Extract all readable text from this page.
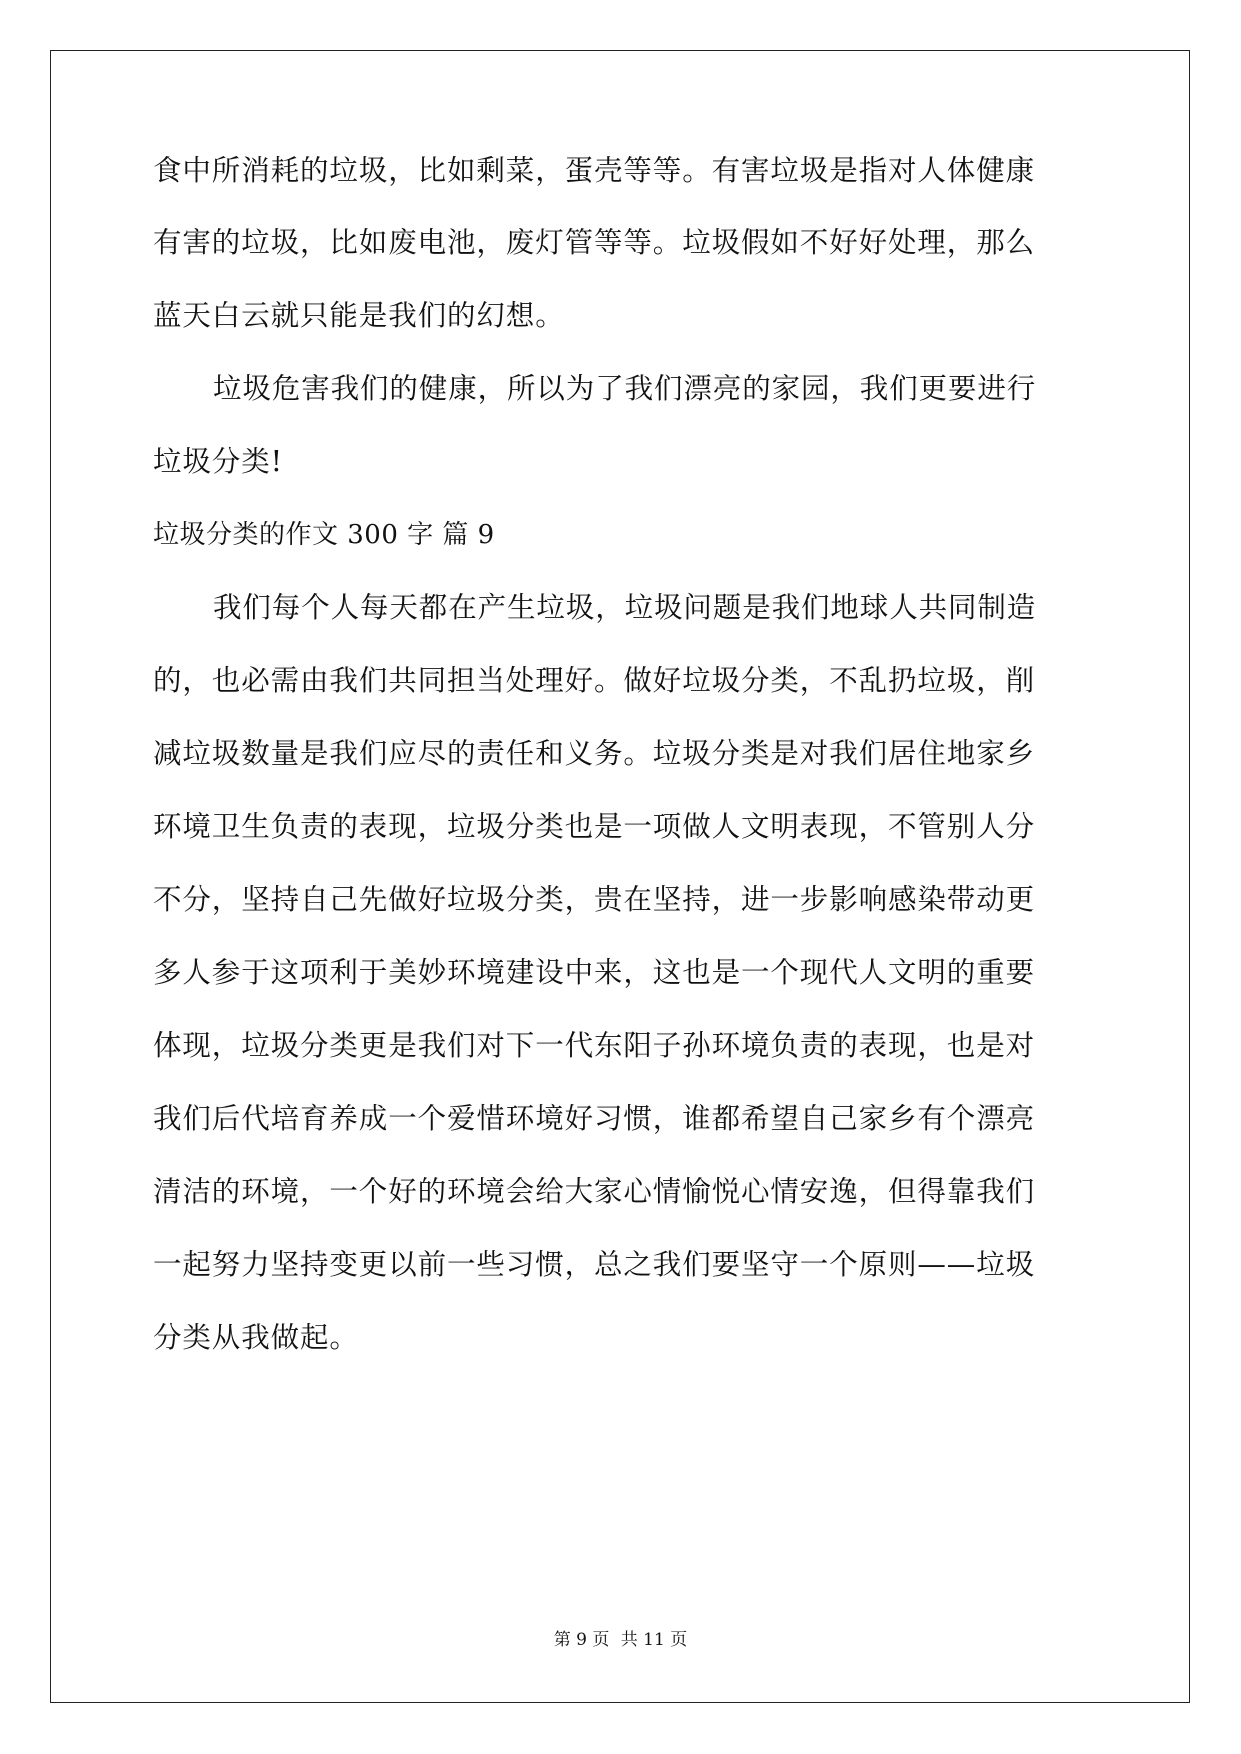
食中所消耗的垃圾，比如剩菜，蛋壳等等。有害垃圾是指对人体健康
有害的垃圾，比如废电池，废灯管等等。垃圾假如不好好处理，那么
蓝天白云就只能是我们的幻想。
垃圾危害我们的健康，所以为了我们漂亮的家园，我们更要进行
垃圾分类!
垃圾分类的作文 300 字 篇 9
我们每个人每天都在产生垃圾，垃圾问题是我们地球人共同制造
的，也必需由我们共同担当处理好。做好垃圾分类，不乱扔垃圾，削
减垃圾数量是我们应尽的责任和义务。垃圾分类是对我们居住地家乡
环境卫生负责的表现，垃圾分类也是一项做人文明表现，不管别人分
不分，坚持自己先做好垃圾分类，贵在坚持，进一步影响感染带动更
多人参于这项利于美妙环境建设中来，这也是一个现代人文明的重要
体现，垃圾分类更是我们对下一代东阳子孙环境负责的表现，也是对
我们后代培育养成一个爱惜环境好习惯，谁都希望自己家乡有个漂亮
清洁的环境，一个好的环境会给大家心情愉悦心情安逸，但得靠我们
一起努力坚持变更以前一些习惯，总之我们要坚守一个原则——垃圾
分类从我做起。
第 9 页 共 11 页
